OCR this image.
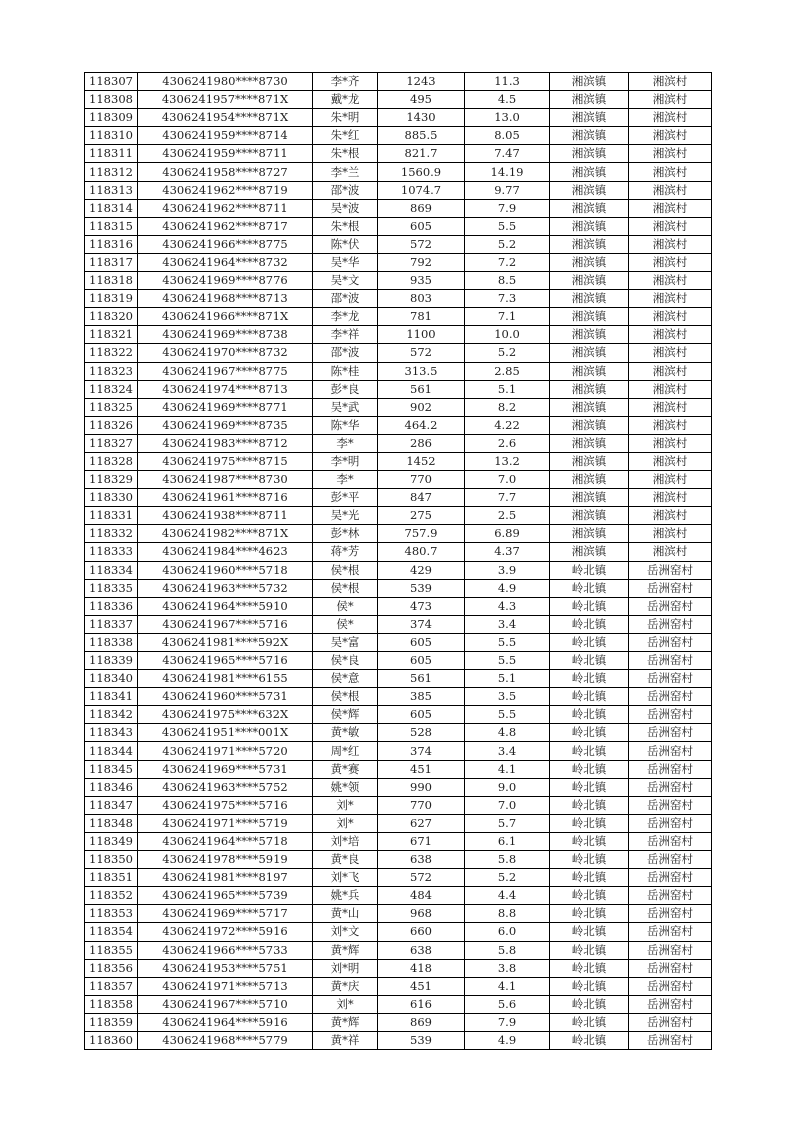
118307	4306241980****8730	李*齐	1243	11.3	湘滨镇	湘滨村
118308	4306241957****871X	戴*龙	495	4.5	湘滨镇	湘滨村
118309	4306241954****871X	朱*明	1430	13.0	湘滨镇	湘滨村
118310	4306241959****8714	朱*红	885.5	8.05	湘滨镇	湘滨村
118311	4306241959****8711	朱*根	821.7	7.47	湘滨镇	湘滨村
118312	4306241958****8727	李*兰	1560.9	14.19	湘滨镇	湘滨村
118313	4306241962****8719	邵*波	1074.7	9.77	湘滨镇	湘滨村
118314	4306241962****8711	吴*波	869	7.9	湘滨镇	湘滨村
118315	4306241962****8717	朱*根	605	5.5	湘滨镇	湘滨村
118316	4306241966****8775	陈*伏	572	5.2	湘滨镇	湘滨村
118317	4306241964****8732	吴*华	792	7.2	湘滨镇	湘滨村
118318	4306241969****8776	吴*文	935	8.5	湘滨镇	湘滨村
118319	4306241968****8713	邵*波	803	7.3	湘滨镇	湘滨村
118320	4306241966****871X	李*龙	781	7.1	湘滨镇	湘滨村
118321	4306241969****8738	李*祥	1100	10.0	湘滨镇	湘滨村
118322	4306241970****8732	邵*波	572	5.2	湘滨镇	湘滨村
118323	4306241967****8775	陈*桂	313.5	2.85	湘滨镇	湘滨村
118324	4306241974****8713	彭*良	561	5.1	湘滨镇	湘滨村
118325	4306241969****8771	吴*武	902	8.2	湘滨镇	湘滨村
118326	4306241969****8735	陈*华	464.2	4.22	湘滨镇	湘滨村
118327	4306241983****8712	李*	286	2.6	湘滨镇	湘滨村
118328	4306241975****8715	李*明	1452	13.2	湘滨镇	湘滨村
118329	4306241987****8730	李*	770	7.0	湘滨镇	湘滨村
118330	4306241961****8716	彭*平	847	7.7	湘滨镇	湘滨村
118331	4306241938****8711	吴*光	275	2.5	湘滨镇	湘滨村
118332	4306241982****871X	彭*林	757.9	6.89	湘滨镇	湘滨村
118333	4306241984****4623	蒋*芳	480.7	4.37	湘滨镇	湘滨村
118334	4306241960****5718	侯*根	429	3.9	岭北镇	岳洲窑村
118335	4306241963****5732	侯*根	539	4.9	岭北镇	岳洲窑村
118336	4306241964****5910	侯*	473	4.3	岭北镇	岳洲窑村
118337	4306241967****5716	侯*	374	3.4	岭北镇	岳洲窑村
118338	4306241981****592X	吴*富	605	5.5	岭北镇	岳洲窑村
118339	4306241965****5716	侯*良	605	5.5	岭北镇	岳洲窑村
118340	4306241981****6155	侯*意	561	5.1	岭北镇	岳洲窑村
118341	4306241960****5731	侯*根	385	3.5	岭北镇	岳洲窑村
118342	4306241975****632X	侯*辉	605	5.5	岭北镇	岳洲窑村
118343	4306241951****001X	黄*敏	528	4.8	岭北镇	岳洲窑村
118344	4306241971****5720	周*红	374	3.4	岭北镇	岳洲窑村
118345	4306241969****5731	黄*赛	451	4.1	岭北镇	岳洲窑村
118346	4306241963****5752	姚*领	990	9.0	岭北镇	岳洲窑村
118347	4306241975****5716	刘*	770	7.0	岭北镇	岳洲窑村
118348	4306241971****5719	刘*	627	5.7	岭北镇	岳洲窑村
118349	4306241964****5718	刘*培	671	6.1	岭北镇	岳洲窑村
118350	4306241978****5919	黄*良	638	5.8	岭北镇	岳洲窑村
118351	4306241981****8197	刘*飞	572	5.2	岭北镇	岳洲窑村
118352	4306241965****5739	姚*兵	484	4.4	岭北镇	岳洲窑村
118353	4306241969****5717	黄*山	968	8.8	岭北镇	岳洲窑村
118354	4306241972****5916	刘*文	660	6.0	岭北镇	岳洲窑村
118355	4306241966****5733	黄*辉	638	5.8	岭北镇	岳洲窑村
118356	4306241953****5751	刘*明	418	3.8	岭北镇	岳洲窑村
118357	4306241971****5713	黄*庆	451	4.1	岭北镇	岳洲窑村
118358	4306241967****5710	刘*	616	5.6	岭北镇	岳洲窑村
118359	4306241964****5916	黄*辉	869	7.9	岭北镇	岳洲窑村
118360	4306241968****5779	黄*祥	539	4.9	岭北镇	岳洲窑村
